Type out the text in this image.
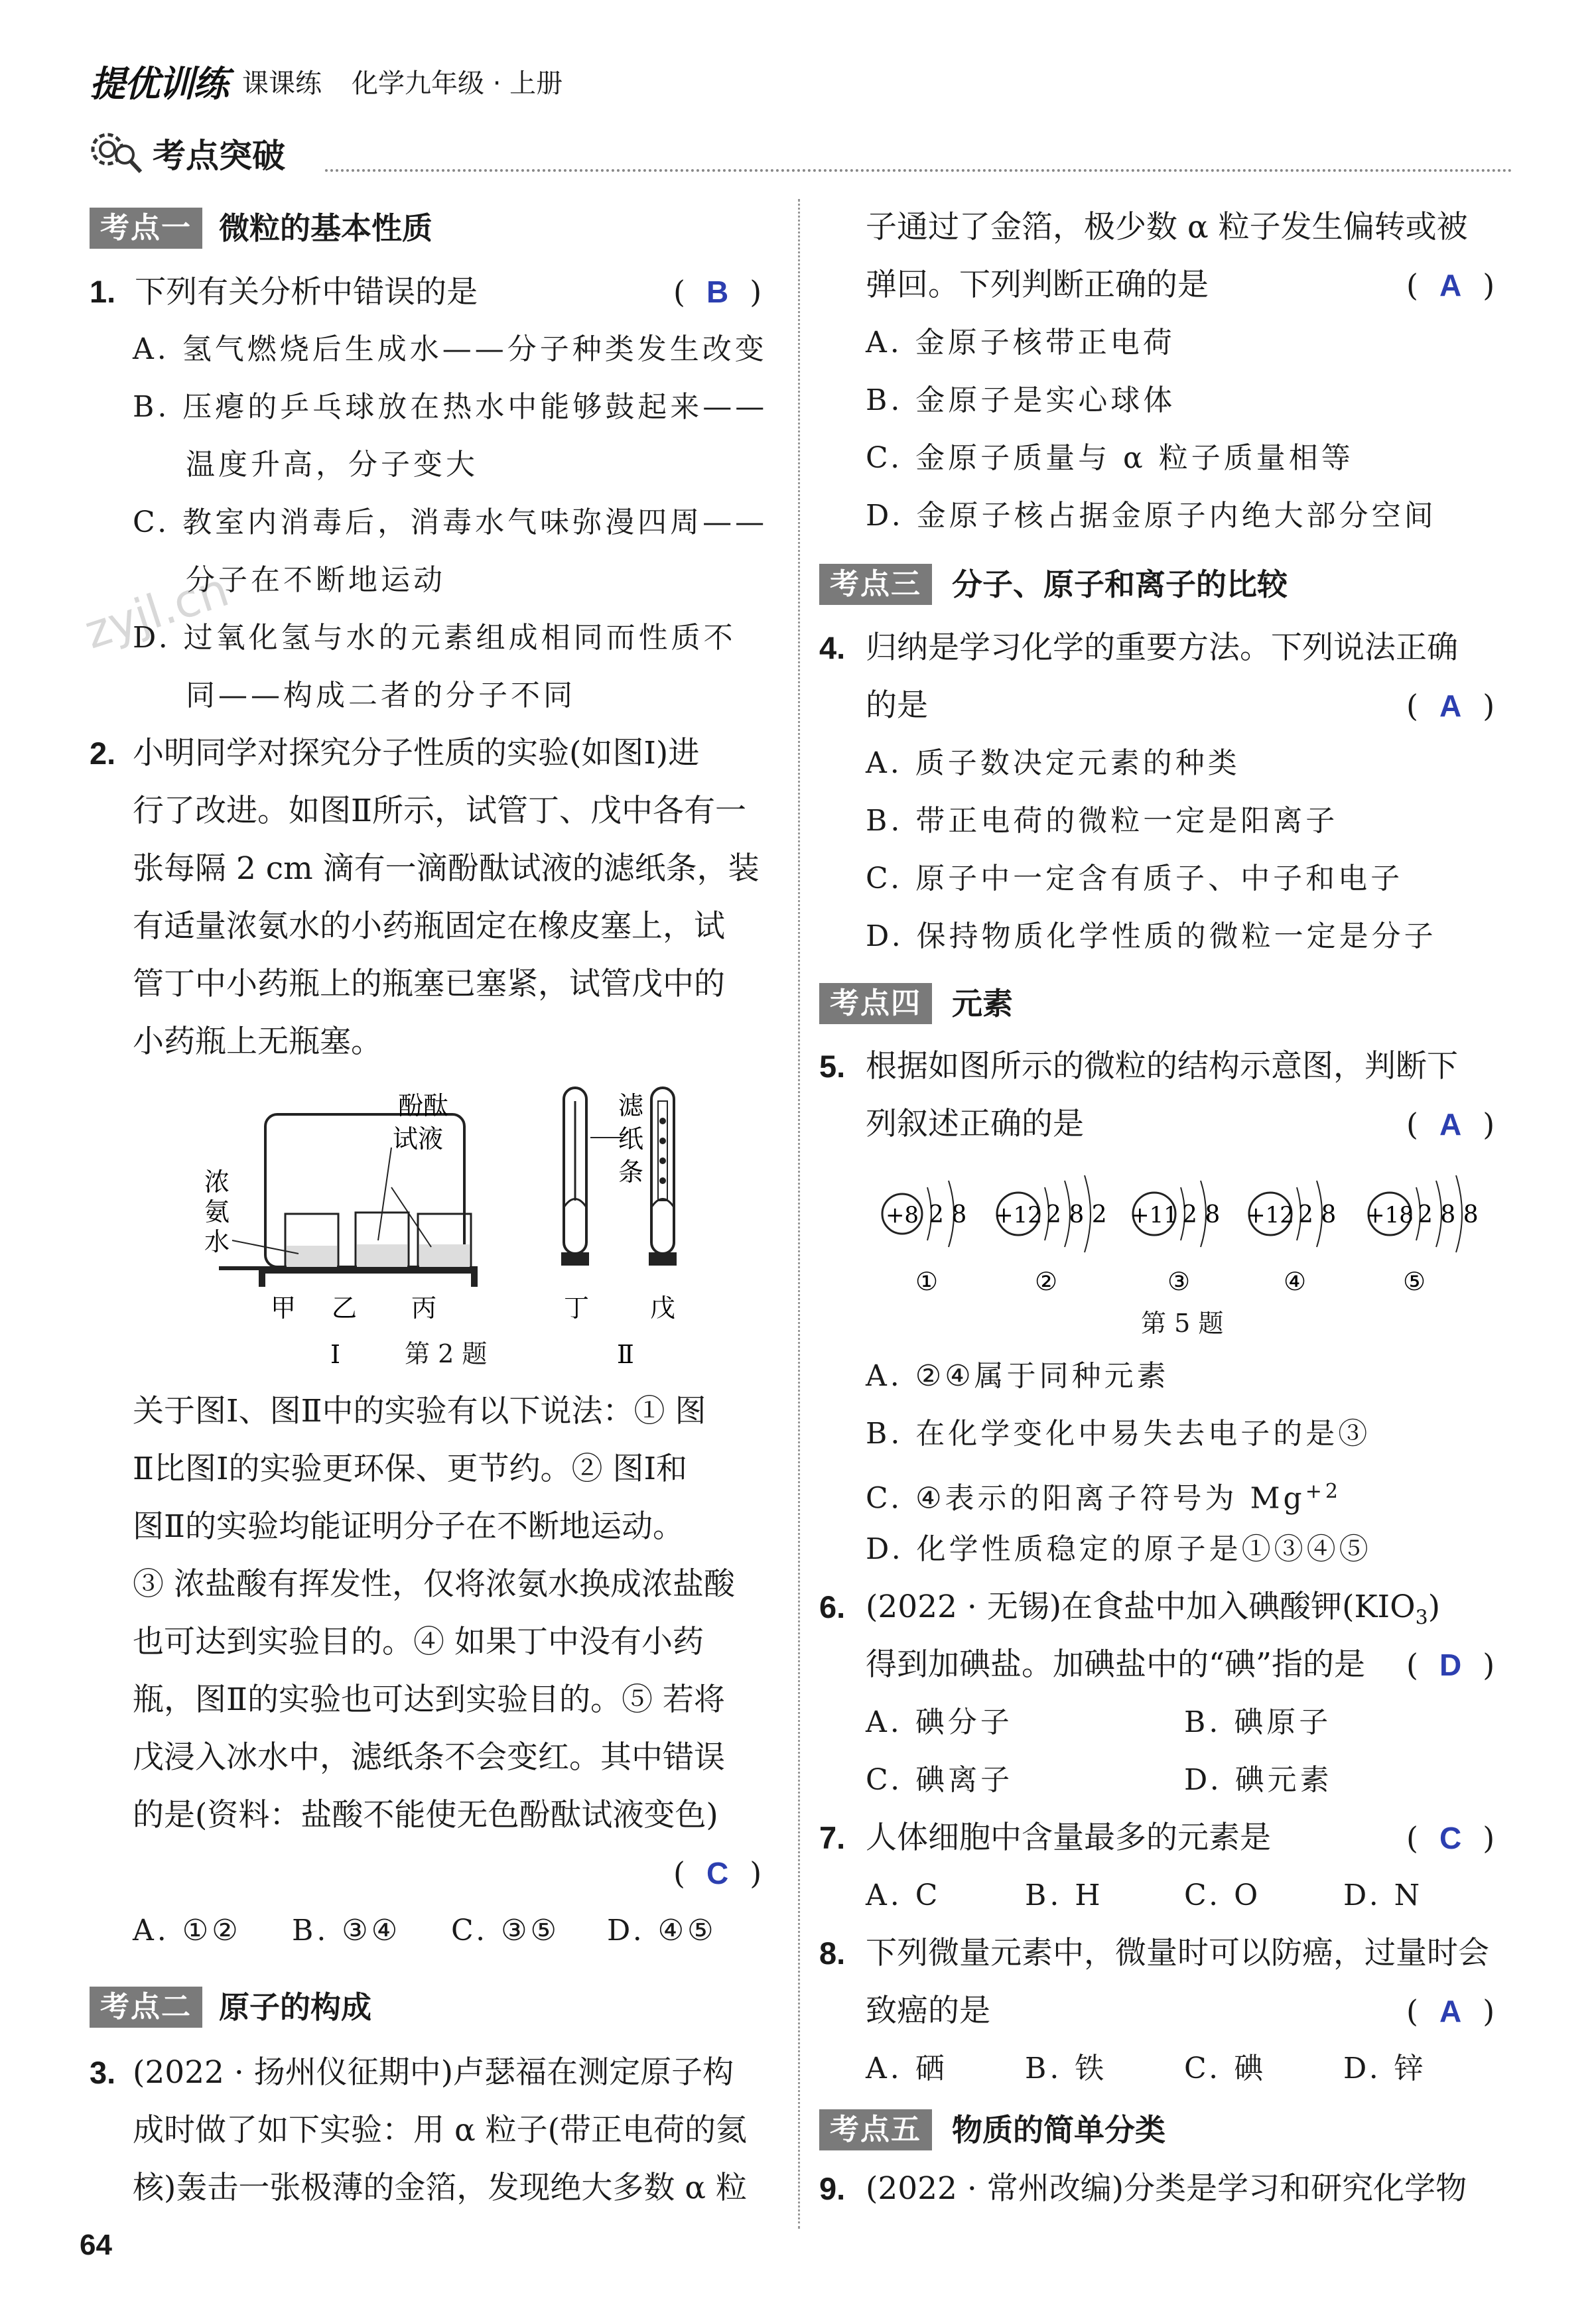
提优训练 课课练 化学九年级 · 上册
考点突破
zyjl.cn
考点一 微粒的基本性质
1. 下列有关分析中错误的是	( B )
A. 氢气燃烧后生成水——分子种类发生改变
B. 压瘪的乒乓球放在热水中能够鼓起来——
温度升高，分子变大
C. 教室内消毒后，消毒水气味弥漫四周——
分子在不断地运动
D. 过氧化氢与水的元素组成相同而性质不
同——构成二者的分子不同
2. 小明同学对探究分子性质的实验(如图Ⅰ)进
行了改进。如图Ⅱ所示，试管丁、戊中各有一
张每隔 2 cm 滴有一滴酚酞试液的滤纸条，装
有适量浓氨水的小药瓶固定在橡皮塞上，试
管丁中小药瓶上的瓶塞已塞紧，试管戊中的
小药瓶上无瓶塞。
酚酞
试液
浓
氨
水
甲 乙 丙
Ⅰ
滤
纸
条
丁 戊
Ⅱ
第 2 题
关于图Ⅰ、图Ⅱ中的实验有以下说法：① 图
Ⅱ比图Ⅰ的实验更环保、更节约。② 图Ⅰ和
图Ⅱ的实验均能证明分子在不断地运动。
③ 浓盐酸有挥发性，仅将浓氨水换成浓盐酸
也可达到实验目的。④ 如果丁中没有小药
瓶，图Ⅱ的实验也可达到实验目的。⑤ 若将
戊浸入冰水中，滤纸条不会变红。其中错误
的是(资料：盐酸不能使无色酚酞试液变色)
( C )
A. ①② B. ③④ C. ③⑤ D. ④⑤
考点二 原子的构成
3. (2022 · 扬州仪征期中)卢瑟福在测定原子构
成时做了如下实验：用 α 粒子(带正电荷的氦
核)轰击一张极薄的金箔，发现绝大多数 α 粒
64
子通过了金箔，极少数 α 粒子发生偏转或被
弹回。下列判断正确的是	( A )
A. 金原子核带正电荷
B. 金原子是实心球体
C. 金原子质量与 α 粒子质量相等
D. 金原子核占据金原子内绝大部分空间
考点三	分子、原子和离子的比较
4. 归纳是学习化学的重要方法。下列说法正确
的是	( A )
A. 质子数决定元素的种类
B. 带正电荷的微粒一定是阳离子
C. 原子中一定含有质子、中子和电子
D. 保持物质化学性质的微粒一定是分子
考点四	元素
5. 根据如图所示的微粒的结构示意图，判断下
列叙述正确的是	( A )
+8 2 8
①
+12 2 8 2
②
+11 2 8
③
+12 2 8
④
+18 2 8 8
⑤
第 5 题
A. ②④属于同种元素
B. 在化学变化中易失去电子的是③
C. ④表示的阳离子符号为 $Mg^{+2}$
D. 化学性质稳定的原子是①③④⑤
6. (2022 · 无锡)在食盐中加入碘酸钾$(KIO_3)$
得到加碘盐。加碘盐中的“碘”指的是 ( D )
A. 碘分子	B. 碘原子
C. 碘离子	D. 碘元素
7. 人体细胞中含量最多的元素是	( C )
A. C	B. H	C. O	D. N
8. 下列微量元素中，微量时可以防癌，过量时会
致癌的是	( A )
A. 硒	B. 铁	C. 碘	D. 锌
考点五	物质的简单分类
9. (2022 · 常州改编)分类是学习和研究化学物
